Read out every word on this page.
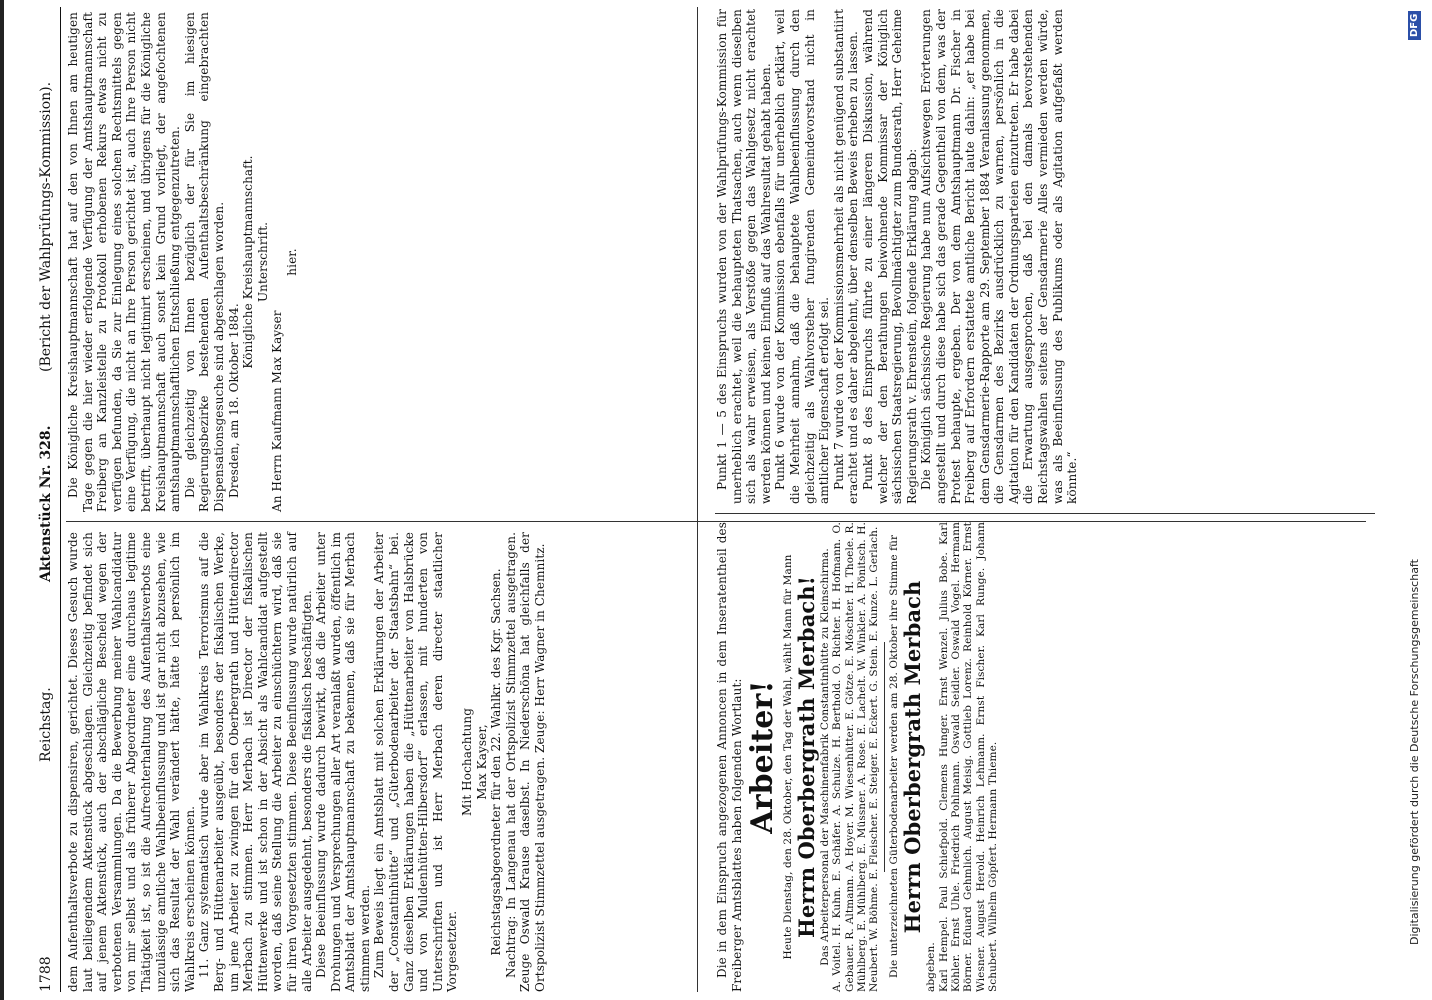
1788
Reichstag.
Aktenstück Nr. 328.
(Bericht der Wahlprüfungs-Kommission).

dem Aufenthaltsverbote zu dispensiren, gerichtet. Dieses Gesuch wurde laut beiliegendem Aktenstück abgeschlagen. Gleichzeitig befindet sich auf jenem Aktenstück, auch der abschlägliche Bescheid wegen der verbotenen Versammlungen. Da die Bewerbung meiner Wahlcandidatur von mir selbst und als früherer Abgeordneter eine durchaus legitime Thätigkeit ist, so ist die Aufrechterhaltung des Aufenthaltsverbots eine unzulässige amtliche Wahlbeeinflussung und ist gar nicht abzusehen, wie sich das Resultat der Wahl verändert hätte, hätte ich persönlich im Wahlkreis erscheinen können. 11. Ganz systematisch wurde aber im Wahlkreis Terrorismus auf die Berg- und Hüttenarbeiter ausgeübt, besonders der fiskalischen Werke, um jene Arbeiter zu zwingen für den Oberbergrath und Hüttendirector Merbach zu stimmen. Herr Merbach ist Director der fiskalischen Hüttenwerke und ist schon in der Absicht als Wahlcandidat aufgestellt worden, daß seine Stellung die Arbeiter zu einschüchtern wird, daß sie für ihren Vorgesetzten stimmen. Diese Beeinflussung wurde natürlich auf alle Arbeiter ausgedehnt, besonders die fiskalisch beschäftigten. Diese Beeinflussung wurde dadurch bewirkt, daß die Arbeiter unter Drohungen und Versprechungen aller Art veranlaßt wurden, öffentlich im Amtsblatt der Amtshauptmannschaft zu bekennen, daß sie für Merbach stimmen werden. Zum Beweis liegt ein Amtsblatt mit solchen Erklärungen der Arbeiter der „Constantinhütte“ und „Güterbodenarbeiter der Staatsbahn“ bei. Ganz dieselben Erklärungen haben die „Hüttenarbeiter von Halsbrücke und von Muldenhütten-Hilbersdorf“ erlassen, mit hunderten von Unterschriften und ist Herr Merbach deren directer staatlicher Vorgesetzter.

Mit Hochachtung Max Kayser, Reichstagsabgeordneter für den 22. Wahlkr. des Kgr. Sachsen. Nachtrag: In Langenau hat der Ortspolizist Stimmzettel ausgetragen. Zeuge Oswald Krause daselbst. In Niederschöna hat gleichfalls der Ortspolizist Stimmzettel ausgetragen. Zeuge: Herr Wagner in Chemnitz.

Die Königliche Kreishauptmannschaft hat auf den von Ihnen am heutigen Tage gegen die hier wieder erfolgende Verfügung der Amtshauptmannschaft Freiberg an Kanzleistelle zu Protokoll erhobenen Rekurs etwas nicht zu verfügen befunden, da Sie zur Einlegung eines solchen Rechtsmittels gegen eine Verfügung, die nicht an Ihre Person gerichtet ist, auch Ihre Person nicht betrifft, überhaupt nicht legitimirt erscheinen, und übrigens für die Königliche Kreishauptmannschaft auch sonst kein Grund vorliegt, der angefochtenen amtshauptmannschaftlichen Entschließung entgegenzutreten. Die gleichzeitig von Ihnen bezüglich der für Sie im hiesigen Regierungsbezirke bestehenden Aufenthaltsbeschränkung eingebrachten Dispensationsgesuche sind abgeschlagen worden. Dresden, am 18. Oktober 1884.

Königliche Kreishauptmannschaft. Unterschrift.

An Herrn Kaufmann Max Kayser

hier.

Die in dem Einspruch angezogenen Annoncen in dem Inseratentheil des Freiberger Amtsblattes haben folgenden Wortlaut: Arbeiter! Heute Dienstag, den 28. Oktober, den Tag der Wahl, wählt Mann für Mann Herrn Oberbergrath Merbach! Das Arbeiterpersonal der Maschinenfabrik Constantinhütte zu Kleinschirma. A. Voitel. H. Kuhn. E. Schäfer. A. Schulze. H. Berthold. O. Richter. H. Hofmann. O. Gebauer. R. Altmann. A. Hoyer. M. Wiesenhütter. E. Götze. E. Möschter. H. Thoele. R. Mühlberg. E. Mühlberg. E. Müssner. A. Rose. E. Lachelt. W. Winkler. A. Pönitsch. H. Neubert. W. Böhme. E. Fleischer. E. Steiger. E. Eckert. G. Stein. E. Kunze. L. Gerlach. Die unterzeichneten Güterbodenarbeiter werden am 28. Oktober ihre Stimme für Herrn Oberbergrath Merbach

abgeben. Karl Hempel. Paul Schiefpold. Clemens Hunger. Ernst Wenzel. Julius Bobe. Karl Köhler. Ernst Uhle. Friedrich Pohlmann. Oswald Seidler. Oswald Vogel. Hermann Börner. Eduard Gehmlich. August Meisig. Gottlieb Lorenz. Reinhold Körner. Ernst Wiesner. August Herold. Heinrich Lehmann. Ernst Fischer. Karl Runge. Johann Schubert. Wilhelm Göpfert. Hermann Thieme.

Punkt 1 — 5 des Einspruchs wurden von der Wahlprüfungs-Kommission für unerheblich erachtet, weil die behaupteten Thatsachen, auch wenn dieselben sich als wahr erweisen, als Verstöße gegen das Wahlgesetz nicht erachtet werden können und keinen Einfluß auf das Wahlresultat gehabt haben. Punkt 6 wurde von der Kommission ebenfalls für unerheblich erklärt, weil die Mehrheit annahm, daß die behauptete Wahlbeeinflussung durch den gleichzeitig als Wahlvorsteher fungirenden Gemeindevorstand nicht in amtlicher Eigenschaft erfolgt sei. Punkt 7 wurde von der Kommissionsmehrheit als nicht genügend substantiirt erachtet und es daher abgelehnt, über denselben Beweis erheben zu lassen. Punkt 8 des Einspruchs führte zu einer längeren Diskussion, während welcher der den Berathungen beiwohnende Kommissar der Königlich sächsischen Staatsregierung, Bevollmächtigter zum Bundesrath, Herr Geheime Regierungsrath v. Ehrenstein, folgende Erklärung abgab: Die Königlich sächsische Regierung habe nun Aufsichtswegen Erörterungen angestellt und durch diese habe sich das gerade Gegentheil von dem, was der Protest behaupte, ergeben. Der von dem Amtshauptmann Dr. Fischer in Freiberg auf Erfordern erstattete amtliche Bericht laute dahin: „er habe bei dem Gensdarmerie-Rapporte am 29. September 1884 Veranlassung genommen, die Gensdarmen des Bezirks ausdrücklich zu warnen, persönlich in die Agitation für den Kandidaten der Ordnungsparteien einzutreten. Er habe dabei die Erwartung ausgesprochen, daß bei den damals bevorstehenden Reichstagswahlen seitens der Gensdarmerie Alles vermieden werden würde, was als Beeinflussung des Publikums oder als Agitation aufgefaßt werden könnte.“

Digitalisierung gefördert durch die Deutsche Forschungsgemeinschaft
DFG
